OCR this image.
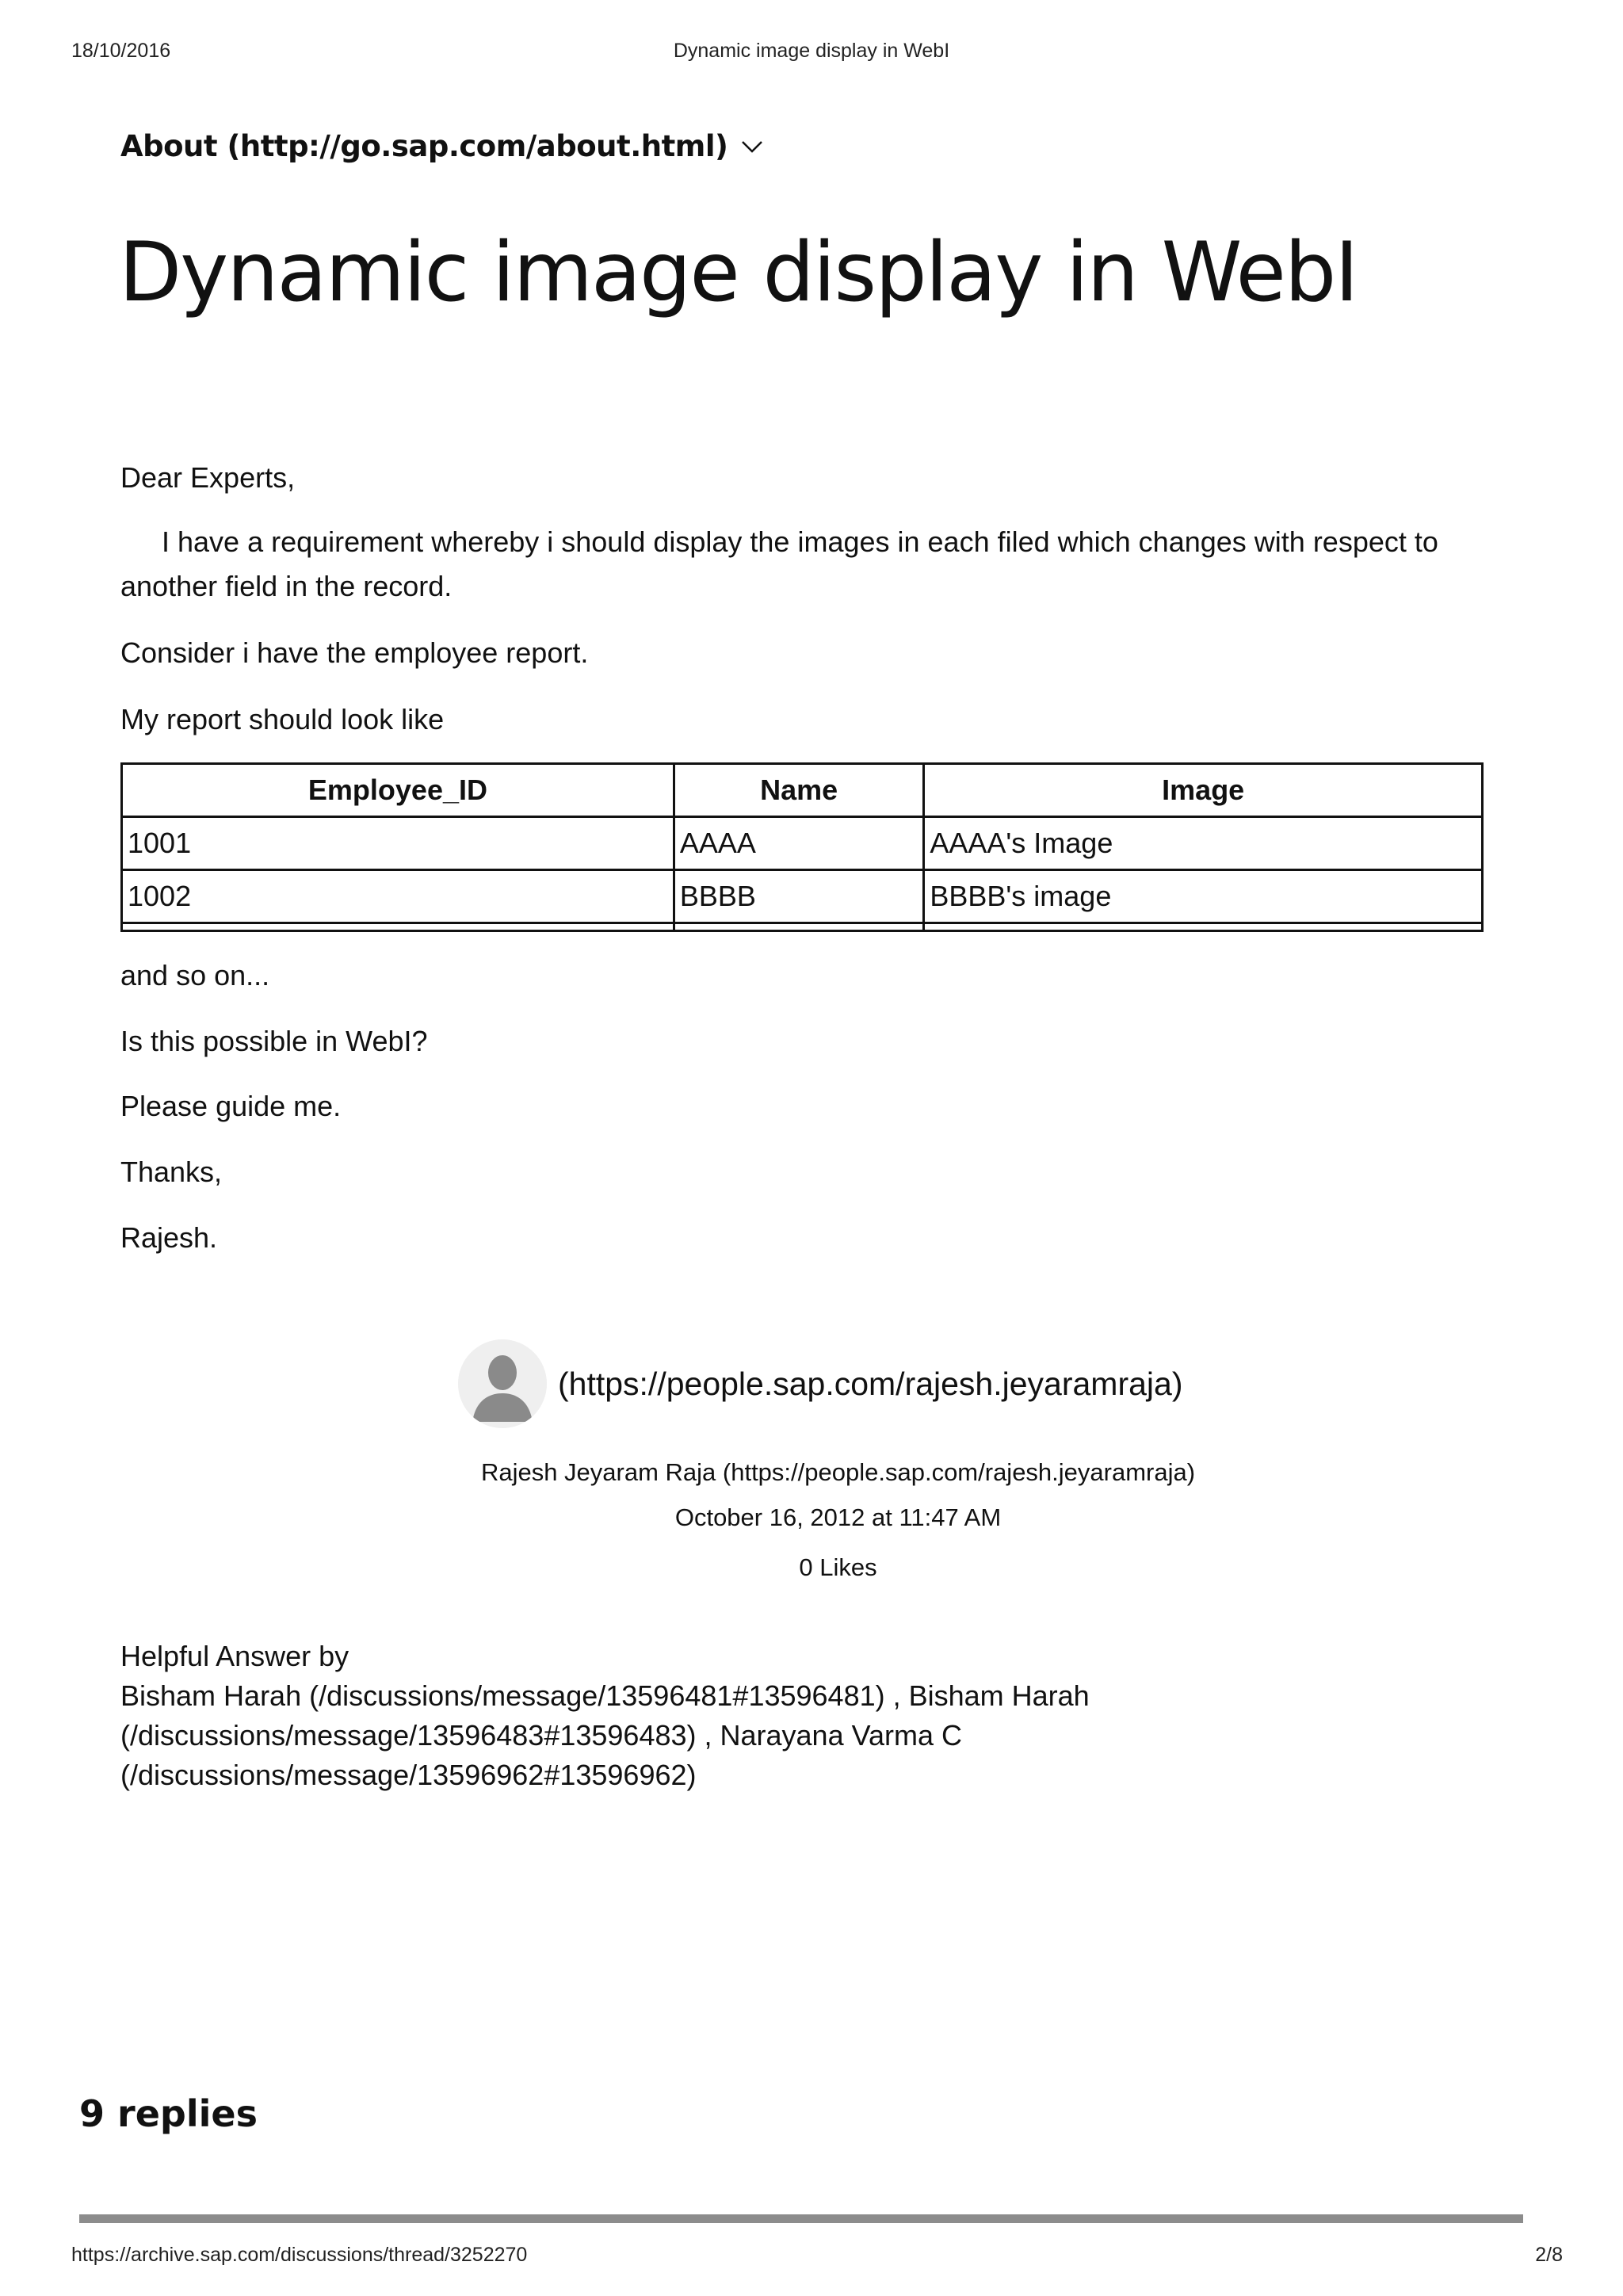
18/10/2016	Dynamic image display in WebI
About (http://go.sap.com/about.html)
Dynamic image display in WebI

Dear Experts,

I have a requirement whereby i should display the images in each filed which changes with respect to another field in the record.

Consider i have the employee report.

My report should look like

Employee_ID	Name	Image
1001	AAAA	AAAA's Image
1002	BBBB	BBBB's image

and so on...

Is this possible in WebI?

Please guide me.

Thanks,

Rajesh.

(https://people.sap.com/rajesh.jeyaramraja)
Rajesh Jeyaram Raja (https://people.sap.com/rajesh.jeyaramraja)
October 16, 2012 at 11:47 AM
0 Likes
Helpful Answer by
Bisham Harah (/discussions/message/13596481#13596481) , Bisham Harah (/discussions/message/13596483#13596483) , Narayana Varma C (/discussions/message/13596962#13596962)
9 replies
https://archive.sap.com/discussions/thread/3252270	2/8
